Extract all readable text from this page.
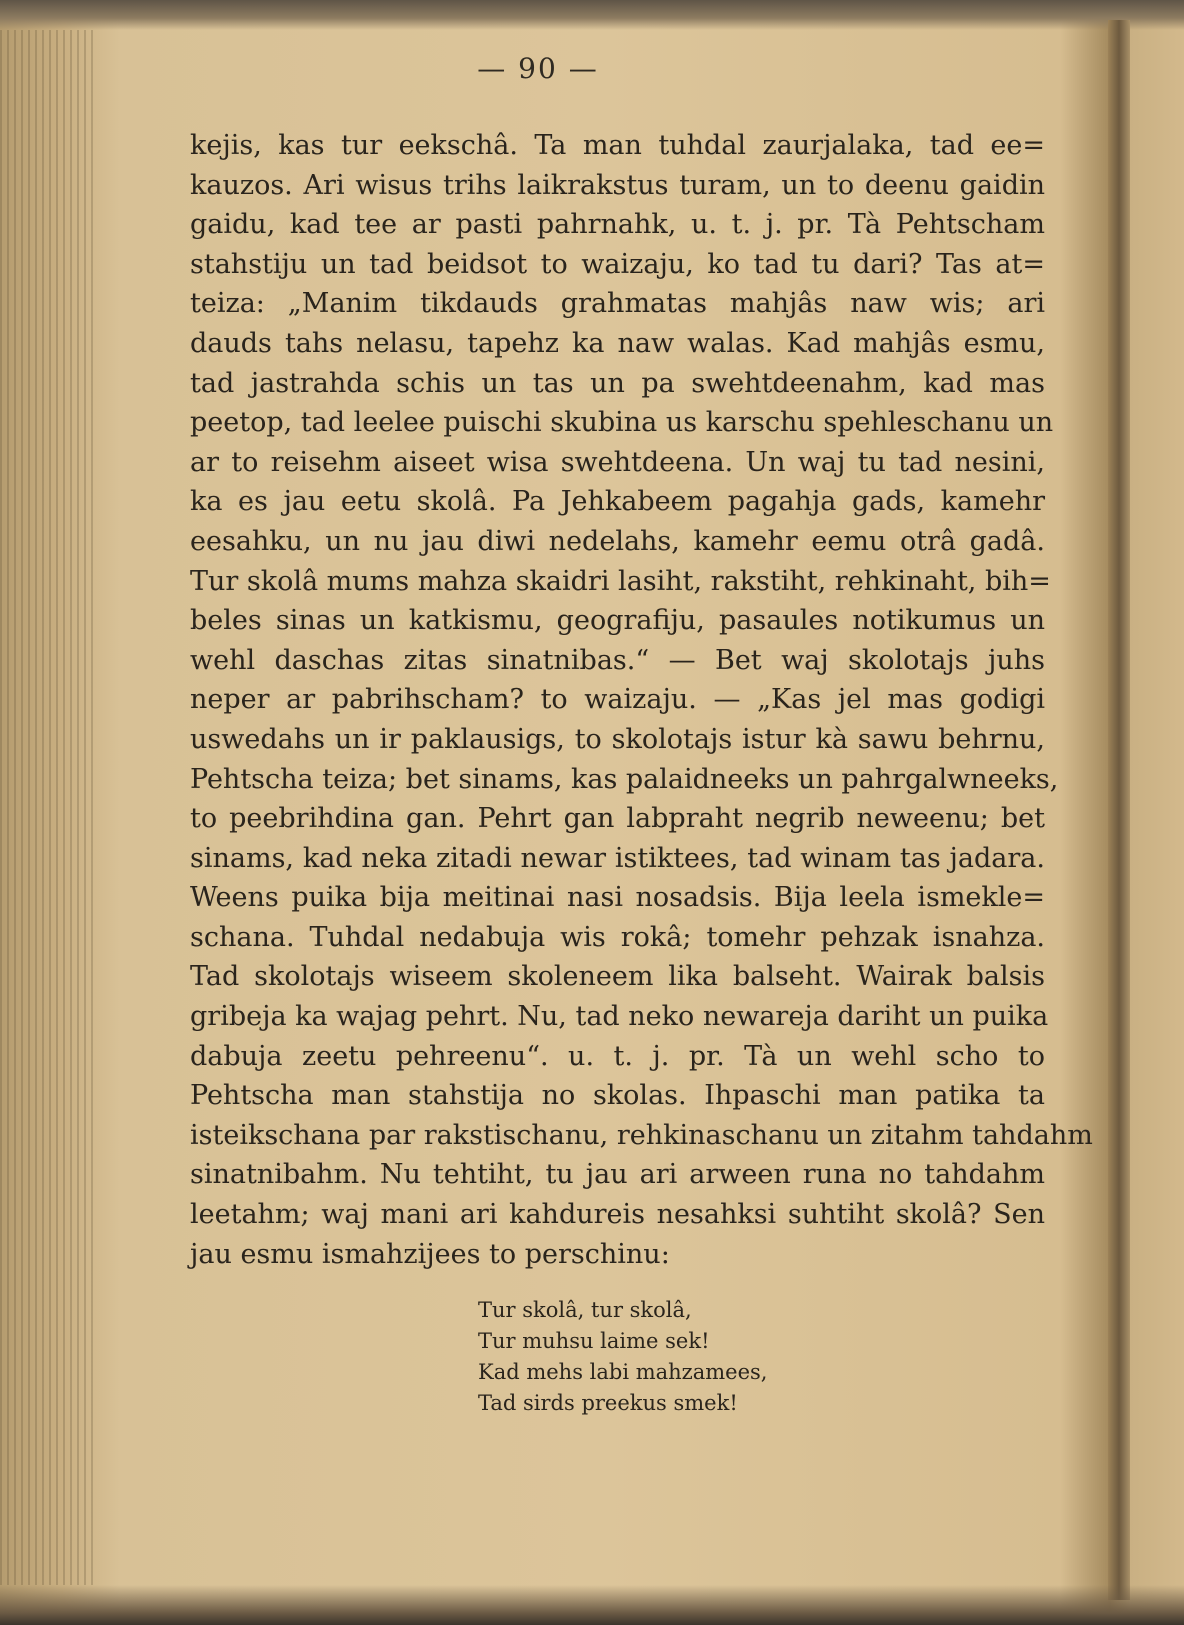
— 90 —
kejis, kas tur eekschâ. Ta man tuhdal zaurjalaka, tad ee=
kauzos. Ari wisus trihs laikrakstus turam, un to deenu gaidin
gaidu, kad tee ar pasti pahrnahk, u. t. j. pr. Tà Pehtscham
stahstiju un tad beidsot to waizaju, ko tad tu dari? Tas at=
teiza: „Manim tikdauds grahmatas mahjâs naw wis; ari
dauds tahs nelasu, tapehz ka naw walas. Kad mahjâs esmu,
tad jastrahda schis un tas un pa swehtdeenahm, kad mas
peetop, tad leelee puischi skubina us karschu spehleschanu un
ar to reisehm aiseet wisa swehtdeena. Un waj tu tad nesini,
ka es jau eetu skolâ. Pa Jehkabeem pagahja gads, kamehr
eesahku, un nu jau diwi nedelahs, kamehr eemu otrâ gadâ.
Tur skolâ mums mahza skaidri lasiht, rakstiht, rehkinaht, bih=
beles sinas un katkismu, geografiju, pasaules notikumus un
wehl daschas zitas sinatnibas.“ — Bet waj skolotajs juhs
neper ar pabrihscham? to waizaju. — „Kas jel mas godigi
uswedahs un ir paklausigs, to skolotajs istur kà sawu behrnu,
Pehtscha teiza; bet sinams, kas palaidneeks un pahrgalwneeks,
to peebrihdina gan. Pehrt gan labpraht negrib neweenu; bet
sinams, kad neka zitadi newar istiktees, tad winam tas jadara.
Weens puika bija meitinai nasi nosadsis. Bija leela ismekle=
schana. Tuhdal nedabuja wis rokâ; tomehr pehzak isnahza.
Tad skolotajs wiseem skoleneem lika balseht. Wairak balsis
gribeja ka wajag pehrt. Nu, tad neko newareja dariht un puika
dabuja zeetu pehreenu“. u. t. j. pr. Tà un wehl scho to
Pehtscha man stahstija no skolas. Ihpaschi man patika ta
isteikschana par rakstischanu, rehkinaschanu un zitahm tahdahm
sinatnibahm. Nu tehtiht, tu jau ari arween runa no tahdahm
leetahm; waj mani ari kahdureis nesahksi suhtiht skolâ? Sen
jau esmu ismahzijees to perschinu:
Tur skolâ, tur skolâ,
Tur muhsu laime sek!
Kad mehs labi mahzamees,
Tad sirds preekus smek!
